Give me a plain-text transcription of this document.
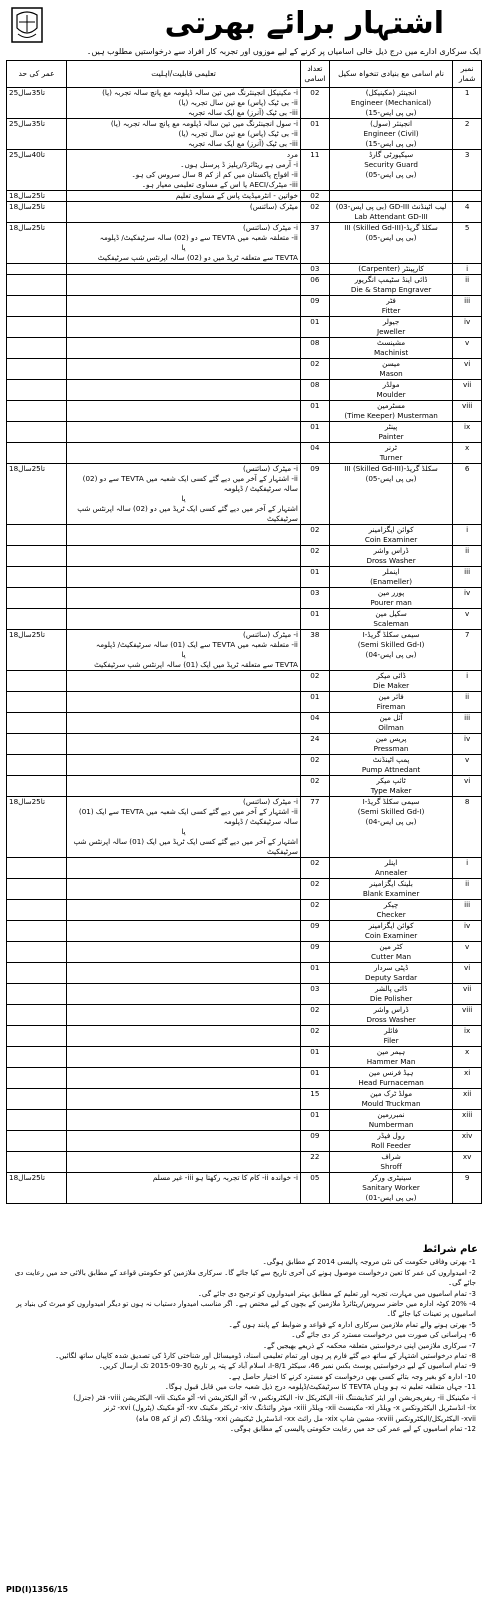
اشتہار برائے بھرتی
ایک سرکاری ادارے میں درج ذیل خالی اسامیاں پر کرنے کے لیے موزوں اور تجربہ کار افراد سے درخواستیں مطلوب ہیں۔
عمر کی حد	تعلیمی قابلیت/اہلیت	تعداد اسامی	نام اسامی مع بنیادی تنخواہ سکیل	نمبر شمار
25تا35سال	i- مکینیکل انجینئرنگ میں تین سالہ ڈپلومہ مع پانچ سالہ تجربہ (یا)
ii- بی ٹیک (پاس) مع تین سال تجربہ (یا)
iii- بی ٹیک (آنرز) مع ایک سالہ تجربہ	02	انجینئر (مکینیکل)
Engineer (Mechanical)
(بی پی ایس-15)	1
25تا35سال	i- سول انجینئرنگ میں تین سالہ ڈپلومہ مع پانچ سالہ تجربہ (یا)
ii- بی ٹیک (پاس) مع تین سال تجربہ (یا)
iii- بی ٹیک (آنرز) مع ایک سالہ تجربہ	01	انجینئر (سول)
Engineer (Civil)
(بی پی ایس-15)	2
25تا40سال	مرد
i- آرمی ہے ریٹائرڈ/ریلیز ڈ پرسنل ہوں۔
ii- افواج پاکستان میں کم از کم 8 سال سروس کی ہو۔
iii- میٹرک/AECI یا اس کے مساوی تعلیمی معیار ہو۔	11	سیکیورٹی گارڈ
Security Guard
(بی پی ایس-05)	3
18تا25سال	خواتین - انٹرمیڈیٹ پاس کے مساوی تعلیم	02		
18تا25سال	میٹرک (سائنس)	02	لیب اٹینڈنٹ GD-III (بی پی ایس-03)
Lab Attendant GD-III	4
18تا25سال	i- میٹرک (سائنس)
ii- متعلقہ شعبہ میں TEVTA سے دو (02) سالہ سرٹیفکیٹ/ ڈپلومہ
یا
TEVTA سے متعلقہ ٹریڈ میں دو (02) سالہ اپرنٹس شپ سرٹیفکیٹ	37	سکلڈ گریڈ-III (Skilled Gd-III)
(بی پی ایس-05)	5
		03	کارپینٹر (Carpenter)	i
		06	ڈائی اینڈ سٹیمپ انگریور
Die & Stamp Engraver	ii
		09	فٹر
Fitter	iii
		01	جیولر
Jeweller	iv
		08	مشینسٹ
Machinist	v
		02	میسن
Mason	vi
		08	مولڈر
Moulder	vii
		01	مسٹرمین
(Time Keeper) Musterman	viii
		01	پینٹر
Painter	ix
		04	ٹرنر
Turner	x
18تا25سال	i- میٹرک (سائنس)
ii- اشتہار کے آخر میں دیے گئے کسی ایک شعبہ میں TEVTA سے دو (02) سالہ سرٹیفکیٹ / ڈپلومہ
یا
اشتہار کے آخر میں دیے گئے کسی ایک ٹریڈ میں دو (02) سالہ اپرنٹس شپ سرٹیفکیٹ	09	سکلڈ گریڈ-III (Skilled Gd-III)
(بی پی ایس-05)	6
		02	کوائن ایگزامینر
Coin Examiner	i
		02	ڈراس واشر
Dross Washer	ii
		01	اینملر
(Enameller)	iii
		03	پورر مین
Pourer man	iv
		01	سکیل مین
Scaleman	v
18تا25سال	i- میٹرک (سائنس)
ii- متعلقہ شعبہ میں TEVTA سے ایک (01) سالہ سرٹیفکیٹ/ ڈپلومہ
یا
TEVTA سے متعلقہ ٹریڈ میں ایک (01) سالہ اپرنٹس شپ سرٹیفکیٹ	38	سیمی سکلڈ گریڈ-I
(Semi Skilled Gd-I)
(بی پی ایس-04)	7
		02	ڈائی میکر
Die Maker	i
		01	فائر مین
Fireman	ii
		04	آئل مین
Oilman	iii
		24	پریس مین
Pressman	iv
		02	پمپ اٹینڈنٹ
Pump Attnedant	v
		02	ٹائپ میکر
Type Maker	vi
18تا25سال	i- میٹرک (سائنس)
ii- اشتہار کے آخر میں دیے گئے کسی ایک شعبہ میں TEVTA سے ایک (01) سالہ سرٹیفکیٹ / ڈپلومہ
یا
اشتہار کے آخر میں دیے گئے کسی ایک ٹریڈ میں ایک (01) سالہ اپرنٹس شپ سرٹیفکیٹ	77	سیمی سکلڈ گریڈ-I
(Semi Skilled Gd-I)
(بی پی ایس-04)	8
		02	اینلر
Annealer	i
		02	بلینک ایگزامینر
Blank Examiner	ii
		02	چیکر
Checker	iii
		09	کوائن ایگزامینر
Coin Examiner	iv
		09	کٹر مین
Cutter Man	v
		01	ڈپٹی سردار
Deputy Sardar	vi
		03	ڈائی پالشر
Die Polisher	vii
		02	ڈراس واشر
Dross Washer	viii
		02	فائلر
Filer	ix
		01	ہیمر مین
Hammer Man	x
		01	ہیڈ فرنس مین
Head Furnaceman	xi
		15	مولڈ ٹرک مین
Mould Truckman	xii
		01	نمبررمین
Numberman	xiii
		09	رول فیڈر
Roll Feeder	xiv
		22	شراف
Shroff	xv
18تا25سال	i- خواندہ ii- کام کا تجربہ رکھتا ہو iii- غیر مسلم	05	سینیٹری ورکر
Sanitary Worker
(بی پی ایس-01)	9
عام شرائط
1- بھرتی وفاقی حکومت کی نئی مروجہ پالیسی 2014 کے مطابق ہوگی۔
2- امیدواروں کی عمر کا تعین درخواست موصول ہونے کی آخری تاریخ سے کیا جائے گا۔ سرکاری ملازمین کو حکومتی قواعد کے مطابق بالائی حد میں رعایت دی جائے گی۔
3- تمام اسامیوں میں مہارت، تجربہ اور تعلیم کے مطابق بہتر امیدواروں کو ترجیح دی جائے گی۔
4- 20% کوٹہ ادارہ میں حاضر سروس/ریٹائرڈ ملازمین کے بچوں کے لیے مختص ہے۔ اگر مناسب امیدوار دستیاب نہ ہوں تو دیگر امیدواروں کو میرٹ کی بنیاد پر اسامیوں پر تعینات کیا جائے گا۔
5- بھرتی ہونے والے تمام ملازمین سرکاری ادارہ کے قواعد و ضوابط کے پابند ہوں گے۔
6- ہراسانی کی صورت میں درخواست مسترد کر دی جائے گی۔
7- سرکاری ملازمین اپنی درخواستیں متعلقہ محکمہ کے ذریعے بھیجیں گے۔
8- تمام درخواستیں اشتہار کے ساتھ دیے گئے فارم پر ہوں اور تمام تعلیمی اسناد، ڈومیسائل اور شناختی کارڈ کی تصدیق شدہ کاپیاں ساتھ لگائیں۔
9- تمام اسامیوں کے لیے درخواستیں پوسٹ بکس نمبر 46، سیکٹر I-8/1، اسلام آباد کے پتہ پر تاریخ 30-09-2015 تک ارسال کریں۔
10- ادارہ کو بغیر وجہ بتائے کسی بھی درخواست کو مسترد کرنے کا اختیار حاصل ہے۔
11- جہاں متعلقہ تعلیم نہ ہو وہاں TEVTA کا سرٹیفکیٹ/ڈپلومہ درج ذیل شعبہ جات میں قابل قبول ہوگا۔
i- مکینیکل ii- ریفریجریشن اور ایئر کنڈیشننگ iii- الیکٹریکل iv- الیکٹرونکس v- آٹو الیکٹریشن vi- آٹو مکینک vii- الیکٹریشن viii- فٹر (جنرل)
ix- انڈسٹریل الیکٹرونکس x- ویلڈر xi- مکینسٹ xii- ویلڈر xiii- موٹر وائنڈنگ xiv- ٹریکٹر مکینک xv- آٹو مکینک (پٹرول) xvi- ٹرنر
xvii- الیکٹریکل/الیکٹرونکس xviii- مشین شاپ xix- مل رائٹ xx- انڈسٹریل ٹیکنیشن xxi- ویلڈنگ (کم از کم 08 ماہ)
12- تمام اسامیوں کے لیے عمر کی حد میں رعایت حکومتی پالیسی کے مطابق ہوگی۔
PID(I)1356/15
